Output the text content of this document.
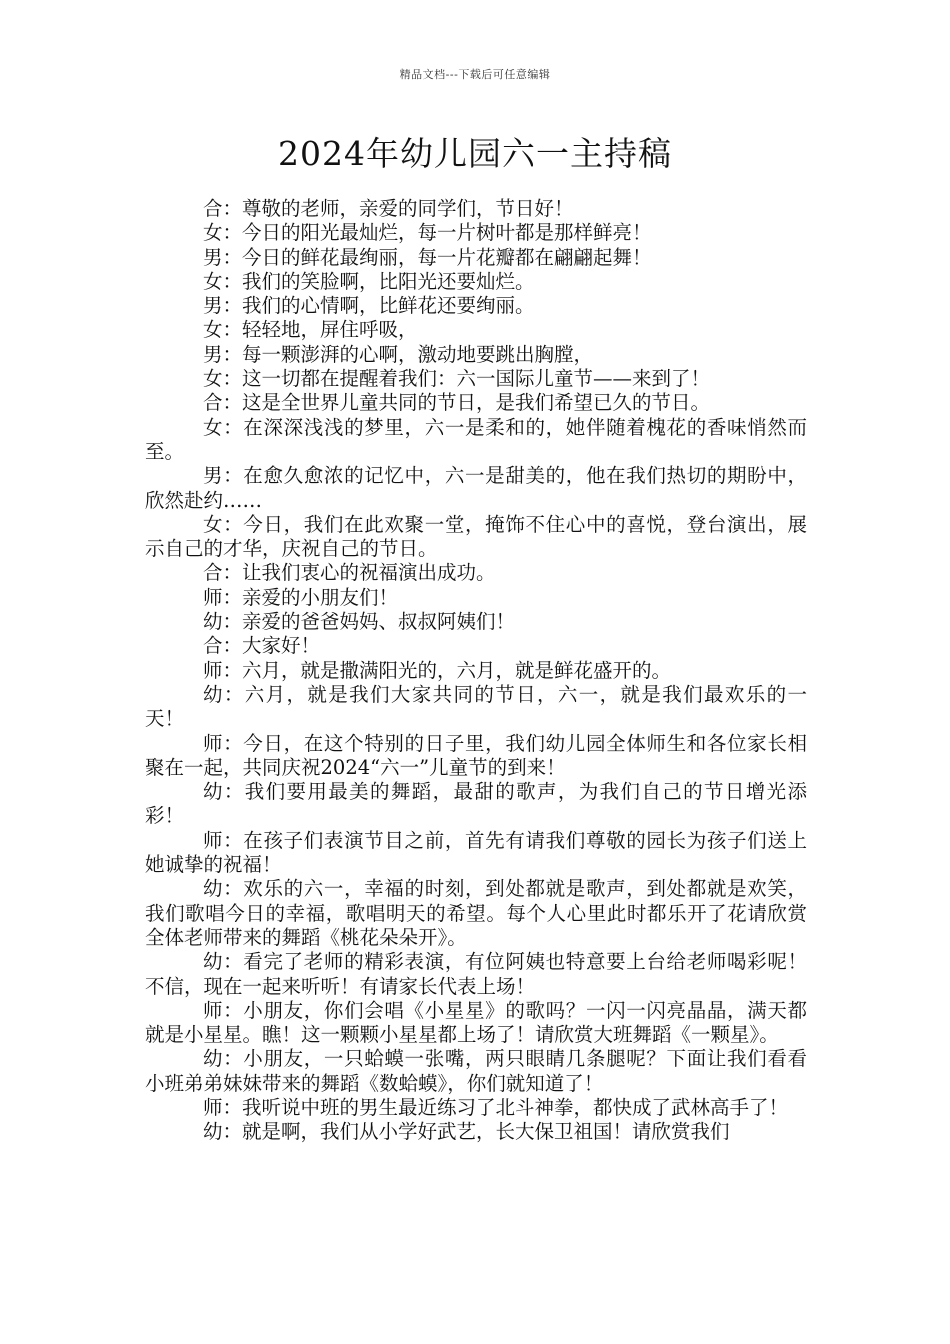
精品文档---下载后可任意编辑
2024年幼儿园六一主持稿

合：尊敬的老师，亲爱的同学们，节日好！

女：今日的阳光最灿烂，每一片树叶都是那样鲜亮！

男：今日的鲜花最绚丽，每一片花瓣都在翩翩起舞！

女：我们的笑脸啊，比阳光还要灿烂。

男：我们的心情啊，比鲜花还要绚丽。

女：轻轻地，屏住呼吸，

男：每一颗澎湃的心啊，激动地要跳出胸膛，

女：这一切都在提醒着我们：六一国际儿童节——来到了！

合：这是全世界儿童共同的节日，是我们希望已久的节日。

女：在深深浅浅的梦里，六一是柔和的，她伴随着槐花的香味悄然而至。

男：在愈久愈浓的记忆中，六一是甜美的，他在我们热切的期盼中，欣然赴约……

女：今日，我们在此欢聚一堂，掩饰不住心中的喜悦，登台演出，展示自己的才华，庆祝自己的节日。

合：让我们衷心的祝福演出成功。

师：亲爱的小朋友们！

幼：亲爱的爸爸妈妈、叔叔阿姨们！

合：大家好！

师：六月，就是撒满阳光的，六月，就是鲜花盛开的。

幼：六月，就是我们大家共同的节日，六一，就是我们最欢乐的一天！

师：今日，在这个特别的日子里，我们幼儿园全体师生和各位家长相聚在一起，共同庆祝2024“六一”儿童节的到来！

幼：我们要用最美的舞蹈，最甜的歌声，为我们自己的节日增光添彩！

师：在孩子们表演节目之前，首先有请我们尊敬的园长为孩子们送上她诚挚的祝福！

幼：欢乐的六一，幸福的时刻，到处都就是歌声，到处都就是欢笑，我们歌唱今日的幸福，歌唱明天的希望。每个人心里此时都乐开了花请欣赏全体老师带来的舞蹈《桃花朵朵开》。

幼：看完了老师的精彩表演，有位阿姨也特意要上台给老师喝彩呢！不信，现在一起来听听！有请家长代表上场！

师：小朋友，你们会唱《小星星》的歌吗？一闪一闪亮晶晶，满天都就是小星星。瞧！这一颗颗小星星都上场了！请欣赏大班舞蹈《一颗星》。

幼：小朋友，一只蛤蟆一张嘴，两只眼睛几条腿呢？下面让我们看看小班弟弟妹妹带来的舞蹈《数蛤蟆》，你们就知道了！

师：我听说中班的男生最近练习了北斗神拳，都快成了武林高手了！

幼：就是啊，我们从小学好武艺，长大保卫祖国！请欣赏我们
